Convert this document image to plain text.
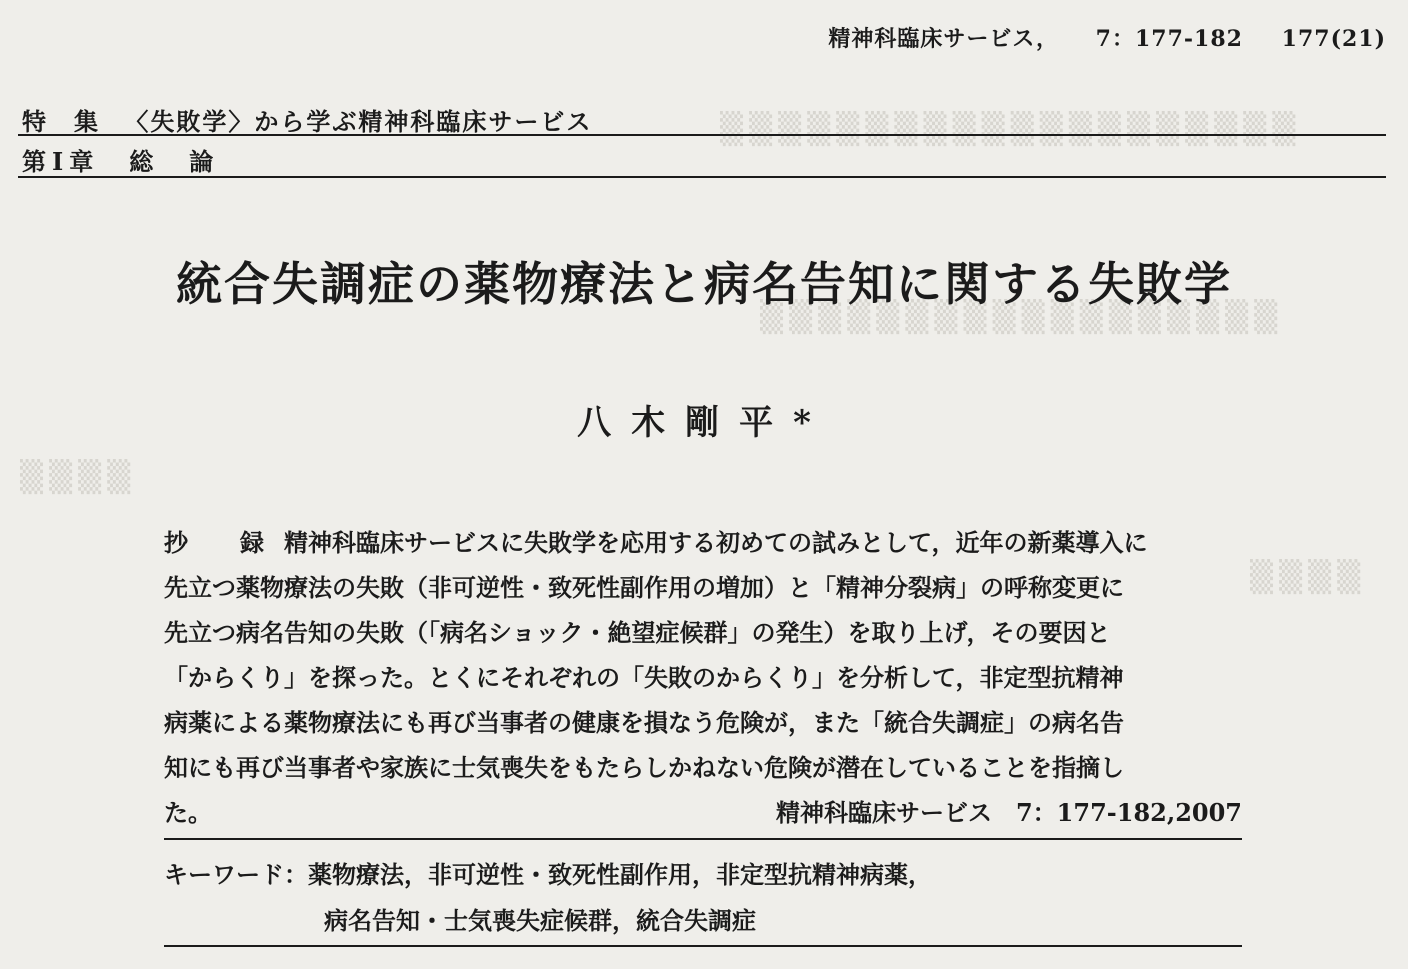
▒▒▒▒▒▒▒▒▒▒▒▒▒▒▒▒▒▒▒▒
▒▒▒▒▒▒▒▒▒▒▒▒▒▒▒▒▒▒
▒▒▒▒
▒▒▒▒
精神科臨床サービス， 7：177-182 177(21)
特　集 〈失敗学〉から学ぶ精神科臨床サービス
第Ⅰ章　総　論
統合失調症の薬物療法と病名告知に関する失敗学
八木剛平*
抄　録 精神科臨床サービスに失敗学を応用する初めての試みとして，近年の新薬導入に
先立つ薬物療法の失敗（非可逆性・致死性副作用の増加）と「精神分裂病」の呼称変更に
先立つ病名告知の失敗（「病名ショック・絶望症候群」の発生）を取り上げ，その要因と
「からくり」を探った。とくにそれぞれの「失敗のからくり」を分析して，非定型抗精神
病薬による薬物療法にも再び当事者の健康を損なう危険が，また「統合失調症」の病名告
知にも再び当事者や家族に士気喪失をもたらしかねない危険が潜在していることを指摘し
た。	精神科臨床サービス　7：177-182,2007
キーワード：薬物療法，非可逆性・致死性副作用，非定型抗精神病薬，
病名告知・士気喪失症候群，統合失調症
